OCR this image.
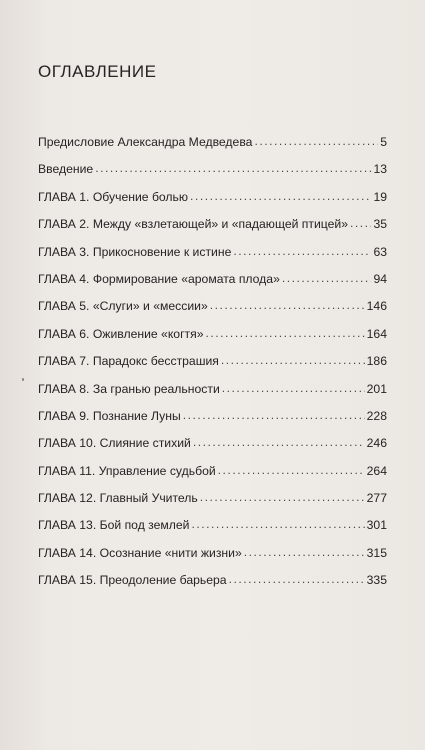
ОГЛАВЛЕНИЕ
Предисловие Александра Медведева .....	5
Введение .....	13
ГЛАВА 1. Обучение болью .....	19
ГЛАВА 2. Между «взлетающей» и «падающей птицей» ..... 35
ГЛАВА 3. Прикосновение к истине .....	63
ГЛАВА 4. Формирование «аромата плода» .....	94
ГЛАВА 5. «Слуги» и «мессии» .....	146
ГЛАВА 6. Оживление «когтя» .....	164
ГЛАВА 7. Парадокс бесстрашия .....	186
ГЛАВА 8. За гранью реальности .....	201
ГЛАВА 9. Познание Луны .....	228
ГЛАВА 10. Слияние стихий .....	246
ГЛАВА 11. Управление судьбой .....	264
ГЛАВА 12. Главный Учитель .....	277
ГЛАВА 13. Бой под землей .....	301
ГЛАВА 14. Осознание «нити жизни» .....	315
ГЛАВА 15. Преодоление барьера .....	335
